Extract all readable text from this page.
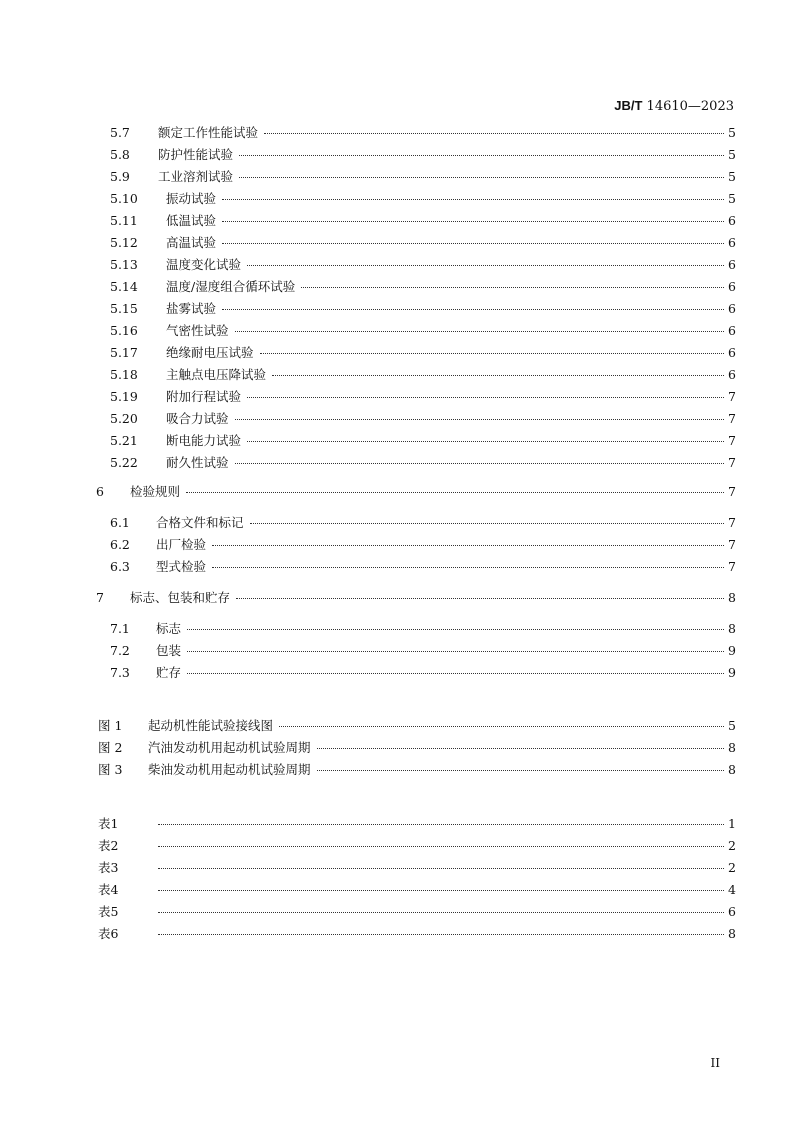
JB/T 14610—2023
5.7	额定工作性能试验	5
5.8	防护性能试验	5
5.9	工业溶剂试验	5
5.10	振动试验	5
5.11	低温试验	6
5.12	高温试验	6
5.13	温度变化试验	6
5.14	温度/湿度组合循环试验	6
5.15	盐雾试验	6
5.16	气密性试验	6
5.17	绝缘耐电压试验	6
5.18	主触点电压降试验	6
5.19	附加行程试验	7
5.20	吸合力试验	7
5.21	断电能力试验	7
5.22	耐久性试验	7
6	检验规则	7
6.1	合格文件和标记	7
6.2	出厂检验	7
6.3	型式检验	7
7	标志、包装和贮存	8
7.1	标志	8
7.2	包装	9
7.3	贮存	9
图 1	起动机性能试验接线图	5
图 2	汽油发动机用起动机试验周期	8
图 3	柴油发动机用起动机试验周期	8
表1	1
表2	2
表3	2
表4	4
表5	6
表6	8
II
